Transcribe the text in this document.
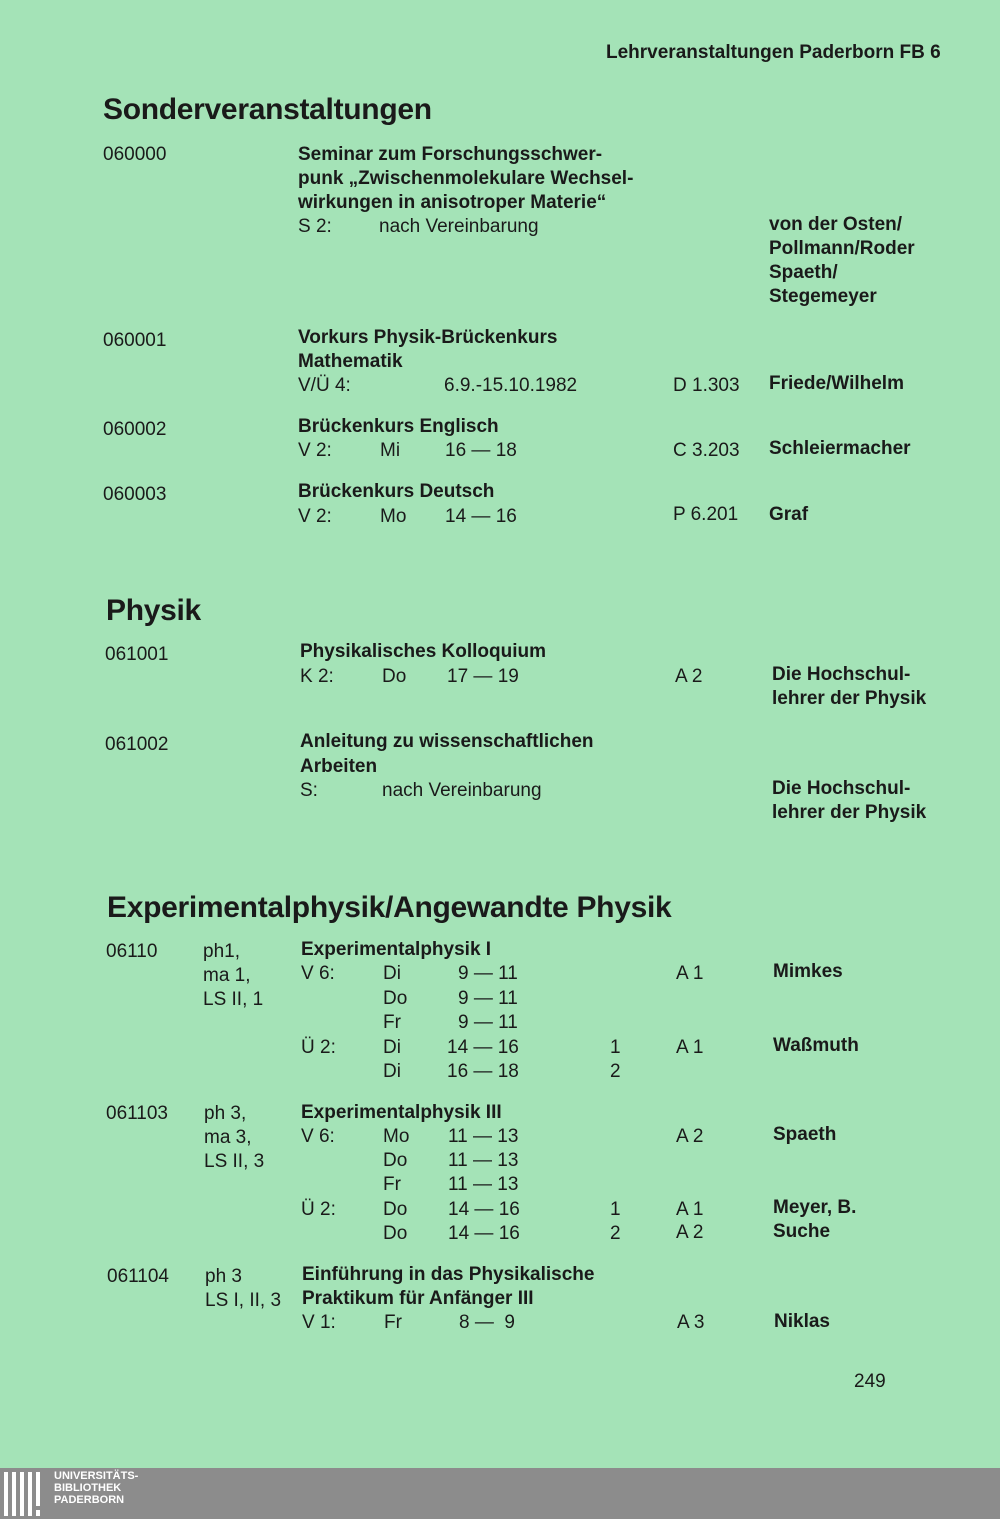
Lehrveranstaltungen Paderborn FB 6
Sonderveranstaltungen
060000	Seminar zum Forschungsschwer-
punk „Zwischenmolekulare Wechsel-
wirkungen in anisotroper Materie“
S 2: nach Vereinbarung	von der Osten/
Pollmann/Roder
Spaeth/
Stegemeyer
060001	Vorkurs Physik-Brückenkurs
Mathematik
V/Ü 4:	6.9.-15.10.1982	D 1.303 Friede/Wilhelm
060002	Brückenkurs Englisch
V 2:	Mi 16 — 18	C 3.203 Schleiermacher
060003	Brückenkurs Deutsch
V 2:	Mo 14 — 16	P 6.201 Graf
Physik
061001	Physikalisches Kolloquium
K 2:	Do 17 — 19	A 2	Die Hochschul-
lehrer der Physik
061002	Anleitung zu wissenschaftlichen
Arbeiten
S:	nach Vereinbarung	Die Hochschul-
lehrer der Physik
Experimentalphysik/Angewandte Physik
06110 ph1,
ma 1,
LS II, 1
Experimentalphysik I
V 6:	Di	9 — 11	A 1	Mimkes
Do	9 — 11
Fr	9 — 11
Ü 2: Di 14 — 16	1	A 1	Waßmuth
Di 16 — 18	2
061103 ph 3,
ma 3,
LS II, 3
Experimentalphysik III
V 6:	Mo 11 — 13	A 2	Spaeth
Do 11 — 13
Fr 11 — 13
Ü 2: Do 14 — 16	1	A 1	Meyer, B.
Do 14 — 16	2	A 2	Suche
061104 ph 3
LS I, II, 3
Einführung in das Physikalische
Praktikum für Anfänger III
V 1:	Fr	8 —  9	A 3	Niklas
249
UNIVERSITÄTS-
BIBLIOTHEK
PADERBORN
